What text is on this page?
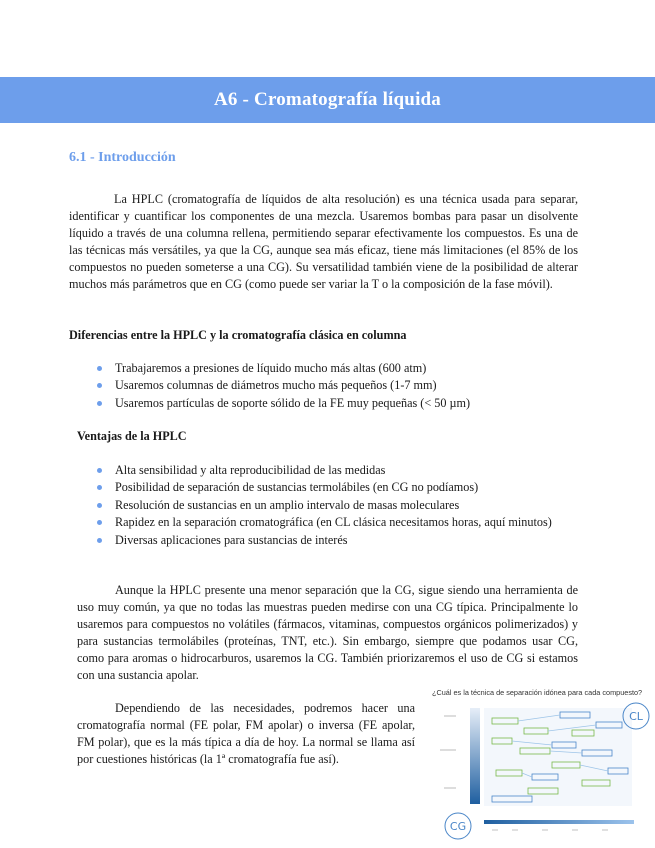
A6 - Cromatografía líquida
6.1 - Introducción

La HPLC (cromatografía de líquidos de alta resolución) es una técnica usada para separar, identificar y cuantificar los componentes de una mezcla. Usaremos bombas para pasar un disolvente líquido a través de una columna rellena, permitiendo separar efectivamente los compuestos. Es una de las técnicas más versátiles, ya que la CG, aunque sea más eficaz, tiene más limitaciones (el 85% de los compuestos no pueden someterse a una CG). Su versatilidad también viene de la posibilidad de alterar muchos más parámetros que en CG (como puede ser variar la T o la composición de la fase móvil).

Diferencias entre la HPLC y la cromatografía clásica en columna
Trabajaremos a presiones de líquido mucho más altas (600 atm)
Usaremos columnas de diámetros mucho más pequeños (1-7 mm)
Usaremos partículas de soporte sólido de la FE muy pequeñas (< 50 µm)
Ventajas de la HPLC
Alta sensibilidad y alta reproducibilidad de las medidas
Posibilidad de separación de sustancias termolábiles (en CG no podíamos)
Resolución de sustancias en un amplio intervalo de masas moleculares
Rapidez en la separación cromatográfica (en CL clásica necesitamos horas, aquí minutos)
Diversas aplicaciones para sustancias de interés

Aunque la HPLC presente una menor separación que la CG, sigue siendo una herramienta de uso muy común, ya que no todas las muestras pueden medirse con una CG típica. Principalmente lo usaremos para compuestos no volátiles (fármacos, vitaminas, compuestos orgánicos polimerizados) y para sustancias termolábiles (proteínas, TNT, etc.). Sin embargo, siempre que podamos usar CG, como para aromas o hidrocarburos, usaremos la CG. También priorizaremos el uso de CG si estamos con una sustancia apolar.

Dependiendo de las necesidades, podremos hacer una cromatografía normal (FE polar, FM apolar) o inversa (FE apolar, FM polar), que es la más típica a día de hoy. La normal se llama así por cuestiones históricas (la 1ª cromatografía fue así).

¿Cuál es la técnica de separación idónea para cada compuesto?
CL
CG
